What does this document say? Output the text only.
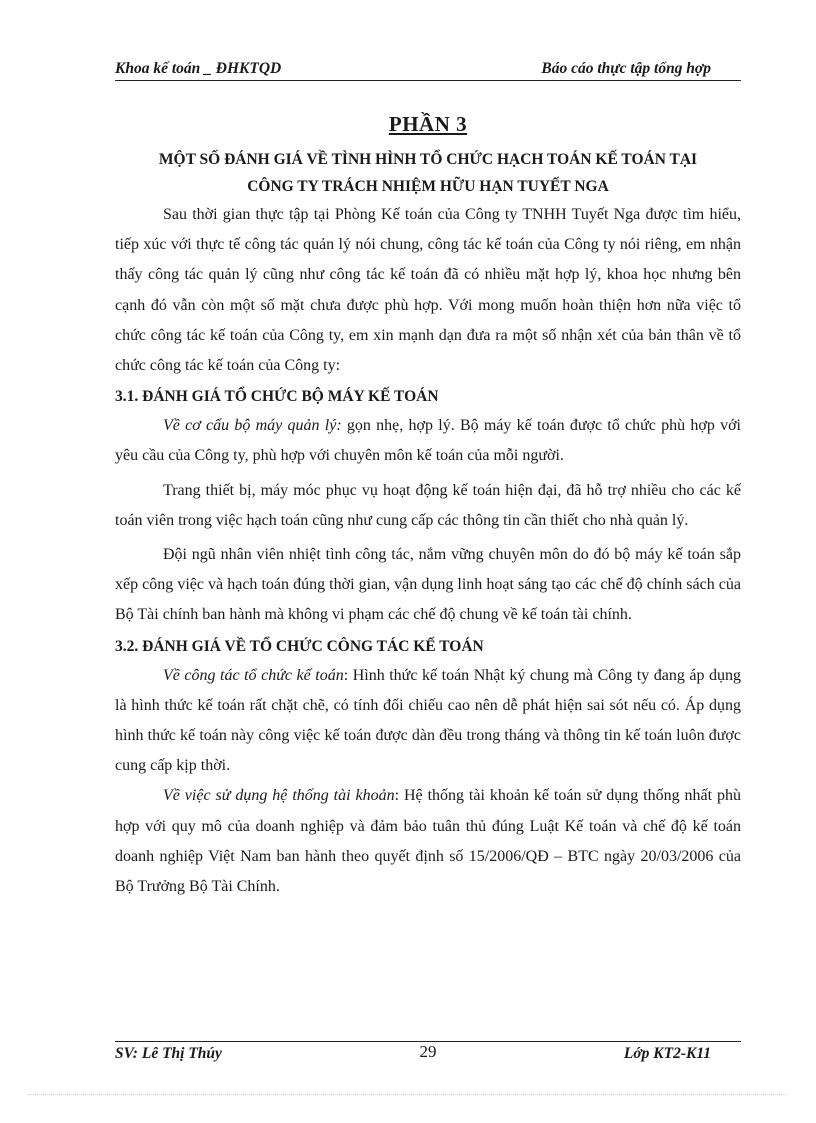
Khoa kế toán _ ĐHKTQD	Báo cáo thực tập tổng hợp
PHẦN 3
MỘT SỐ ĐÁNH GIÁ VỀ TÌNH HÌNH TỔ CHỨC HẠCH TOÁN KẾ TOÁN TẠI
CÔNG TY TRÁCH NHIỆM HỮU HẠN TUYẾT NGA

Sau thời gian thực tập tại Phòng Kế toán của Công ty TNHH Tuyết Nga được tìm hiểu, tiếp xúc với thực tế công tác quản lý nói chung, công tác kế toán của Công ty nói riêng, em nhận thấy công tác quản lý cũng như công tác kế toán đã có nhiều mặt hợp lý, khoa học nhưng bên cạnh đó vẫn còn một số mặt chưa được phù hợp. Với mong muốn hoàn thiện hơn nữa việc tổ chức công tác kế toán của Công ty, em xin mạnh dạn đưa ra một số nhận xét của bản thân về tổ chức công tác kế toán của Công ty:

3.1. ĐÁNH GIÁ TỔ CHỨC BỘ MÁY KẾ TOÁN

Về cơ cấu bộ máy quản lý: gọn nhẹ, hợp lý. Bộ máy kế toán được tổ chức phù hợp với yêu cầu của Công ty, phù hợp với chuyên môn kế toán của mỗi người.

Trang thiết bị, máy móc phục vụ hoạt động kế toán hiện đại, đã hỗ trợ nhiều cho các kế toán viên trong việc hạch toán cũng như cung cấp các thông tin cần thiết cho nhà quản lý.

Đội ngũ nhân viên nhiệt tình công tác, nắm vững chuyên môn do đó bộ máy kế toán sắp xếp công việc và hạch toán đúng thời gian, vận dụng linh hoạt sáng tạo các chế độ chính sách của Bộ Tài chính ban hành mà không vi phạm các chế độ chung về kế toán tài chính.

3.2. ĐÁNH GIÁ VỀ TỔ CHỨC CÔNG TÁC KẾ TOÁN

Về công tác tổ chức kế toán: Hình thức kế toán Nhật ký chung mà Công ty đang áp dụng là hình thức kế toán rất chặt chẽ, có tính đối chiếu cao nên dễ phát hiện sai sót nếu có. Áp dụng hình thức kế toán này công việc kế toán được dàn đều trong tháng và thông tin kế toán luôn được cung cấp kịp thời.

Về việc sử dụng hệ thống tài khoản: Hệ thống tài khoản kế toán sử dụng thống nhất phù hợp với quy mô của doanh nghiệp và đảm bảo tuân thủ đúng Luật Kế toán và chế độ kế toán doanh nghiệp Việt Nam ban hành theo quyết định số 15/2006/QĐ – BTC ngày 20/03/2006 của Bộ Trưởng Bộ Tài Chính.

SV: Lê Thị Thúy	29	Lớp KT2-K11
